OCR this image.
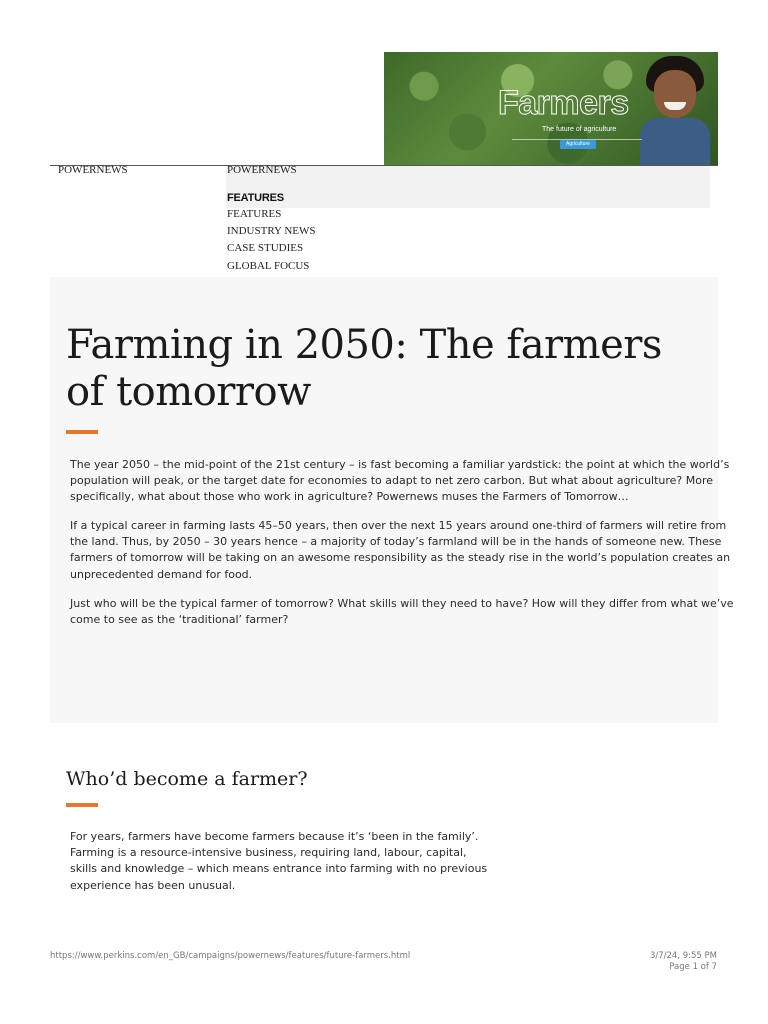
Farmers
The future of agriculture
Agriculture
POWERNEWS	POWERNEWS
FEATURES
FEATURES
INDUSTRY NEWS
CASE STUDIES
GLOBAL FOCUS
Farming in 2050: The farmers
of tomorrow

The year 2050 – the mid-point of the 21st century – is fast becoming a familiar yardstick: the point at which the world’s
population will peak, or the target date for economies to adapt to net zero carbon. But what about agriculture? More
specifically, what about those who work in agriculture? Powernews muses the Farmers of Tomorrow…

If a typical career in farming lasts 45–50 years, then over the next 15 years around one-third of farmers will retire from
the land. Thus, by 2050 – 30 years hence – a majority of today’s farmland will be in the hands of someone new. These
farmers of tomorrow will be taking on an awesome responsibility as the steady rise in the world’s population creates an
unprecedented demand for food.

Just who will be the typical farmer of tomorrow? What skills will they need to have? How will they differ from what we’ve
come to see as the ‘traditional’ farmer?

Who’d become a farmer?

For years, farmers have become farmers because it’s ‘been in the family’.
Farming is a resource-intensive business, requiring land, labour, capital,
skills and knowledge – which means entrance into farming with no previous
experience has been unusual.

https://www.perkins.com/en_GB/campaigns/powernews/features/future-farmers.html	3/7/24, 9:55 PM
Page 1 of 7
